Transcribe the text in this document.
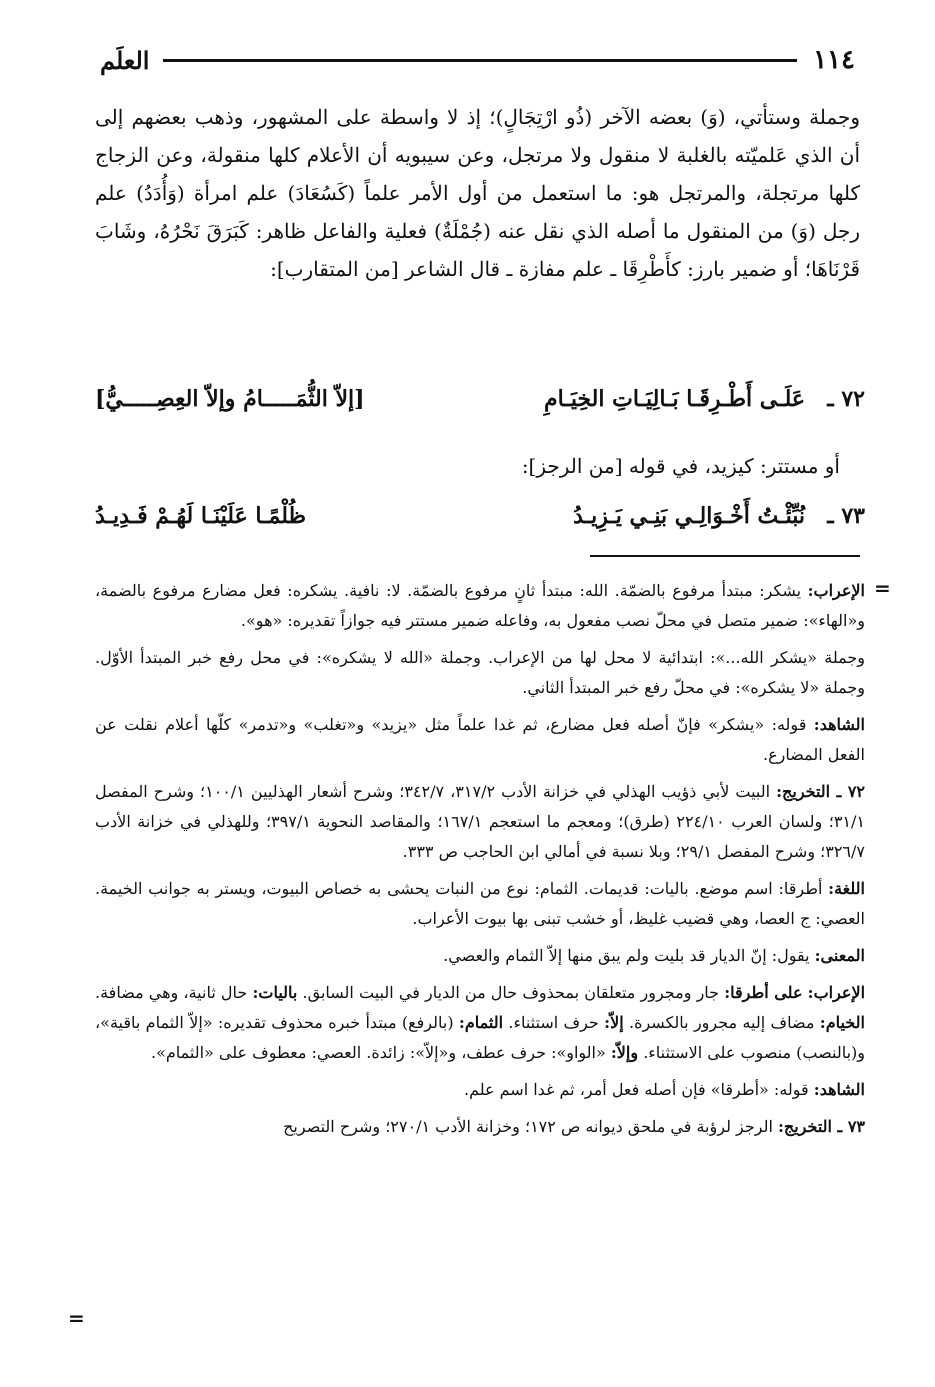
١١٤
العلَم

وجملة وستأتي، (وَ) بعضه الآخر (ذُو ارْتِجَالٍ)؛ إذ لا واسطة على المشهور، وذهب بعضهم إلى أن الذي عَلميّته بالغلبة لا منقول ولا مرتجل، وعن سيبويه أن الأعلام كلها منقولة، وعن الزجاج كلها مرتجلة، والمرتجل هو: ما استعمل من أول الأمر علماً (كَسُعَادَ) علم امرأة (وَأُدَدُ) علم رجل (وَ) من المنقول ما أصله الذي نقل عنه (جُمْلَةٌ) فعلية والفاعل ظاهر: كَبَرَقَ نَحْرُهُ، وشَابَ قَرْنَاهَا؛ أو ضمير بارز: كأَطْرِقَا ـ علم مفازة ـ قال الشاعر [من المتقارب]:

٧٢ ـ
عَلَـى أَطْـرِقَـا بَـالِيَـاتِ الخِيَـامِ
[إلاّ الثُّمَـــــامُ وإلاّ العِصِـــــيُّ]
أو مستتر: كيزيد، في قوله [من الرجز]:
٧٣ ـ
نُبِّئْـتُ أَخْـوَالِـي بَنِـي يَـزِيـدُ
ظُلْمًـا عَلَيْنَـا لَهُـمْ فَـدِيـدُ
=

الإعراب: يشكر: مبتدأ مرفوع بالضمّة. الله: مبتدأ ثانٍ مرفوع بالضمّة. لا: نافية. يشكره: فعل مضارع مرفوع بالضمة، و«الهاء»: ضمير متصل في محلّ نصب مفعول به، وفاعله ضمير مستتر فيه جوازاً تقديره: «هو».

وجملة «يشكر الله...»: ابتدائية لا محل لها من الإعراب. وجملة «الله لا يشكره»: في محل رفع خبر المبتدأ الأوّل. وجملة «لا يشكره»: في محلّ رفع خبر المبتدأ الثاني.

الشاهد: قوله: «يشكر» فإنّ أصله فعل مضارع، ثم غدا علماً مثل «يزيد» و«تغلب» و«تدمر» كلّها أعلام نقلت عن الفعل المضارع.

٧٢ ـ التخريج: البيت لأبي ذؤيب الهذلي في خزانة الأدب ٣١٧/٢، ٣٤٢/٧؛ وشرح أشعار الهذليين ١٠٠/١؛ وشرح المفصل ٣١/١؛ ولسان العرب ٢٢٤/١٠ (طرق)؛ ومعجم ما استعجم ١٦٧/١؛ والمقاصد النحوية ٣٩٧/١؛ وللهذلي في خزانة الأدب ٣٢٦/٧؛ وشرح المفصل ٢٩/١؛ وبلا نسبة في أمالي ابن الحاجب ص ٣٣٣.

اللغة: أطرقا: اسم موضع. باليات: قديمات. الثمام: نوع من النبات يحشى به خصاص البيوت، ويستر به جوانب الخيمة. العصي: ج العصا، وهي قضيب غليظ، أو خشب تبنى بها بيوت الأعراب.

المعنى: يقول: إنّ الديار قد بليت ولم يبق منها إلاّ الثمام والعصي.

الإعراب: على أطرقا: جار ومجرور متعلقان بمحذوف حال من الديار في البيت السابق. باليات: حال ثانية، وهي مضافة. الخيام: مضاف إليه مجرور بالكسرة. إلاّ: حرف استثناء. الثمام: (بالرفع) مبتدأ خبره محذوف تقديره: «إلاّ الثمام باقية»، و(بالنصب) منصوب على الاستثناء. وإلاّ: «الواو»: حرف عطف، و«إلاّ»: زائدة. العصي: معطوف على «الثمام».

الشاهد: قوله: «أطرقا» فإن أصله فعل أمر، ثم غدا اسم علم.

٧٣ ـ التخريج: الرجز لرؤبة في ملحق ديوانه ص ١٧٢؛ وخزانة الأدب ٢٧٠/١؛ وشرح التصريح

=
